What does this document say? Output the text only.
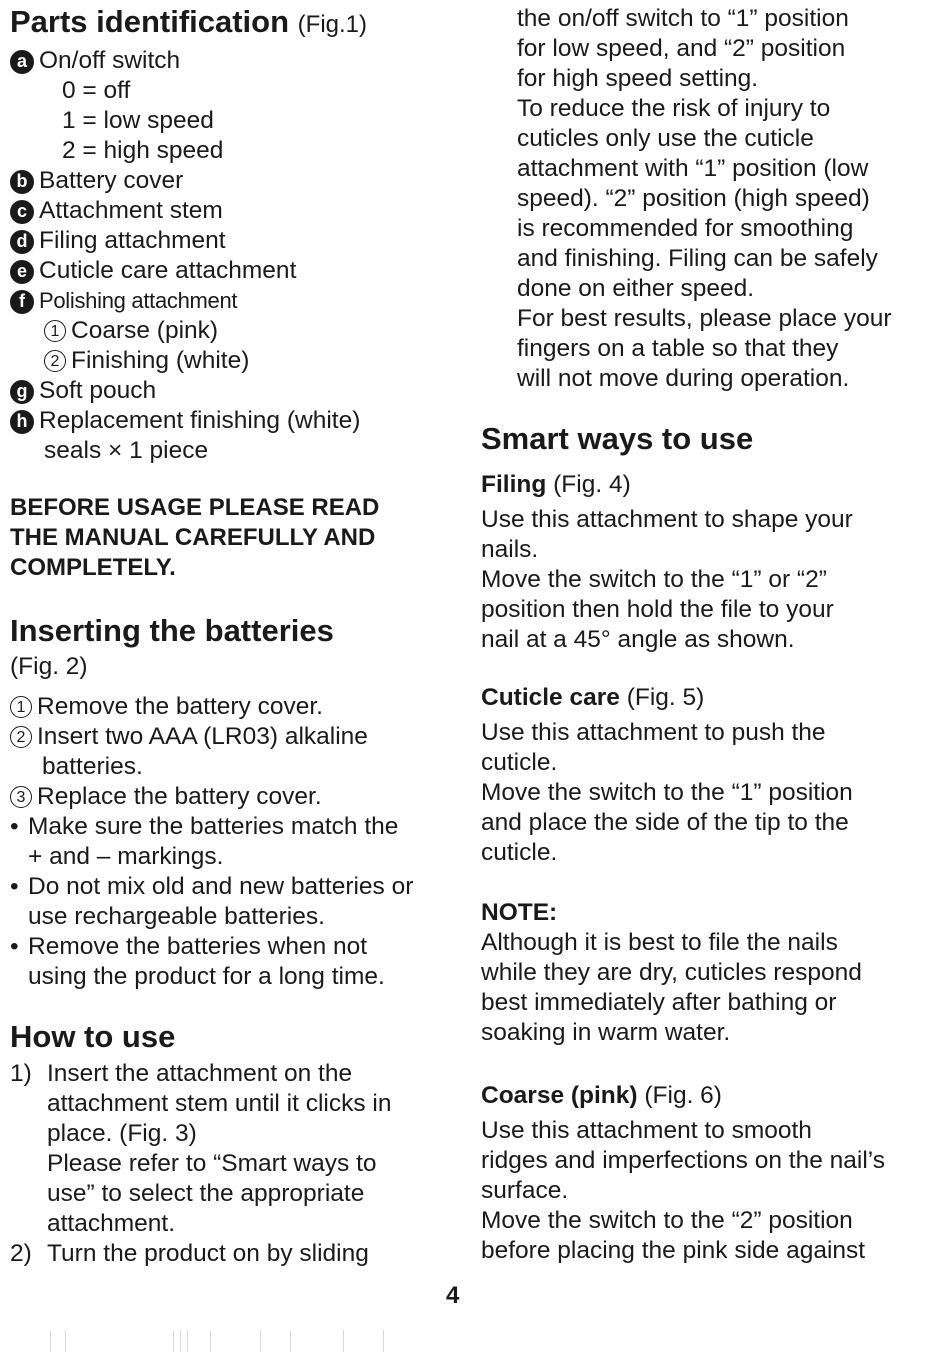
Parts identification (Fig.1)
a On/off switch
0 = off
1 = low speed
2 = high speed
b Battery cover
c Attachment stem
d Filing attachment
e Cuticle care attachment
f Polishing attachment
1 Coarse (pink)
2 Finishing (white)
g Soft pouch
h Replacement finishing (white)
seals × 1 piece
BEFORE USAGE PLEASE READ
THE MANUAL CAREFULLY AND
COMPLETELY.
Inserting the batteries
(Fig. 2)
1 Remove the battery cover.
2 Insert two AAA (LR03) alkaline
batteries.
3 Replace the battery cover.
• Make sure the batteries match the
+ and – markings.
• Do not mix old and new batteries or
use rechargeable batteries.
• Remove the batteries when not
using the product for a long time.
How to use
1) Insert the attachment on the
attachment stem until it clicks in
place. (Fig. 3)
Please refer to “Smart ways to
use” to select the appropriate
attachment.
2) Turn the product on by sliding
the on/off switch to “1” position
for low speed, and “2” position
for high speed setting.
To reduce the risk of injury to
cuticles only use the cuticle
attachment with “1” position (low
speed). “2” position (high speed)
is recommended for smoothing
and finishing. Filing can be safely
done on either speed.
For best results, please place your
fingers on a table so that they
will not move during operation.
Smart ways to use
Filing (Fig. 4)
Use this attachment to shape your
nails.
Move the switch to the “1” or “2”
position then hold the file to your
nail at a 45° angle as shown.
Cuticle care (Fig. 5)
Use this attachment to push the
cuticle.
Move the switch to the “1” position
and place the side of the tip to the
cuticle.
NOTE:
Although it is best to file the nails
while they are dry, cuticles respond
best immediately after bathing or
soaking in warm water.
Coarse (pink) (Fig. 6)
Use this attachment to smooth
ridges and imperfections on the nail’s
surface.
Move the switch to the “2” position
before placing the pink side against
4
